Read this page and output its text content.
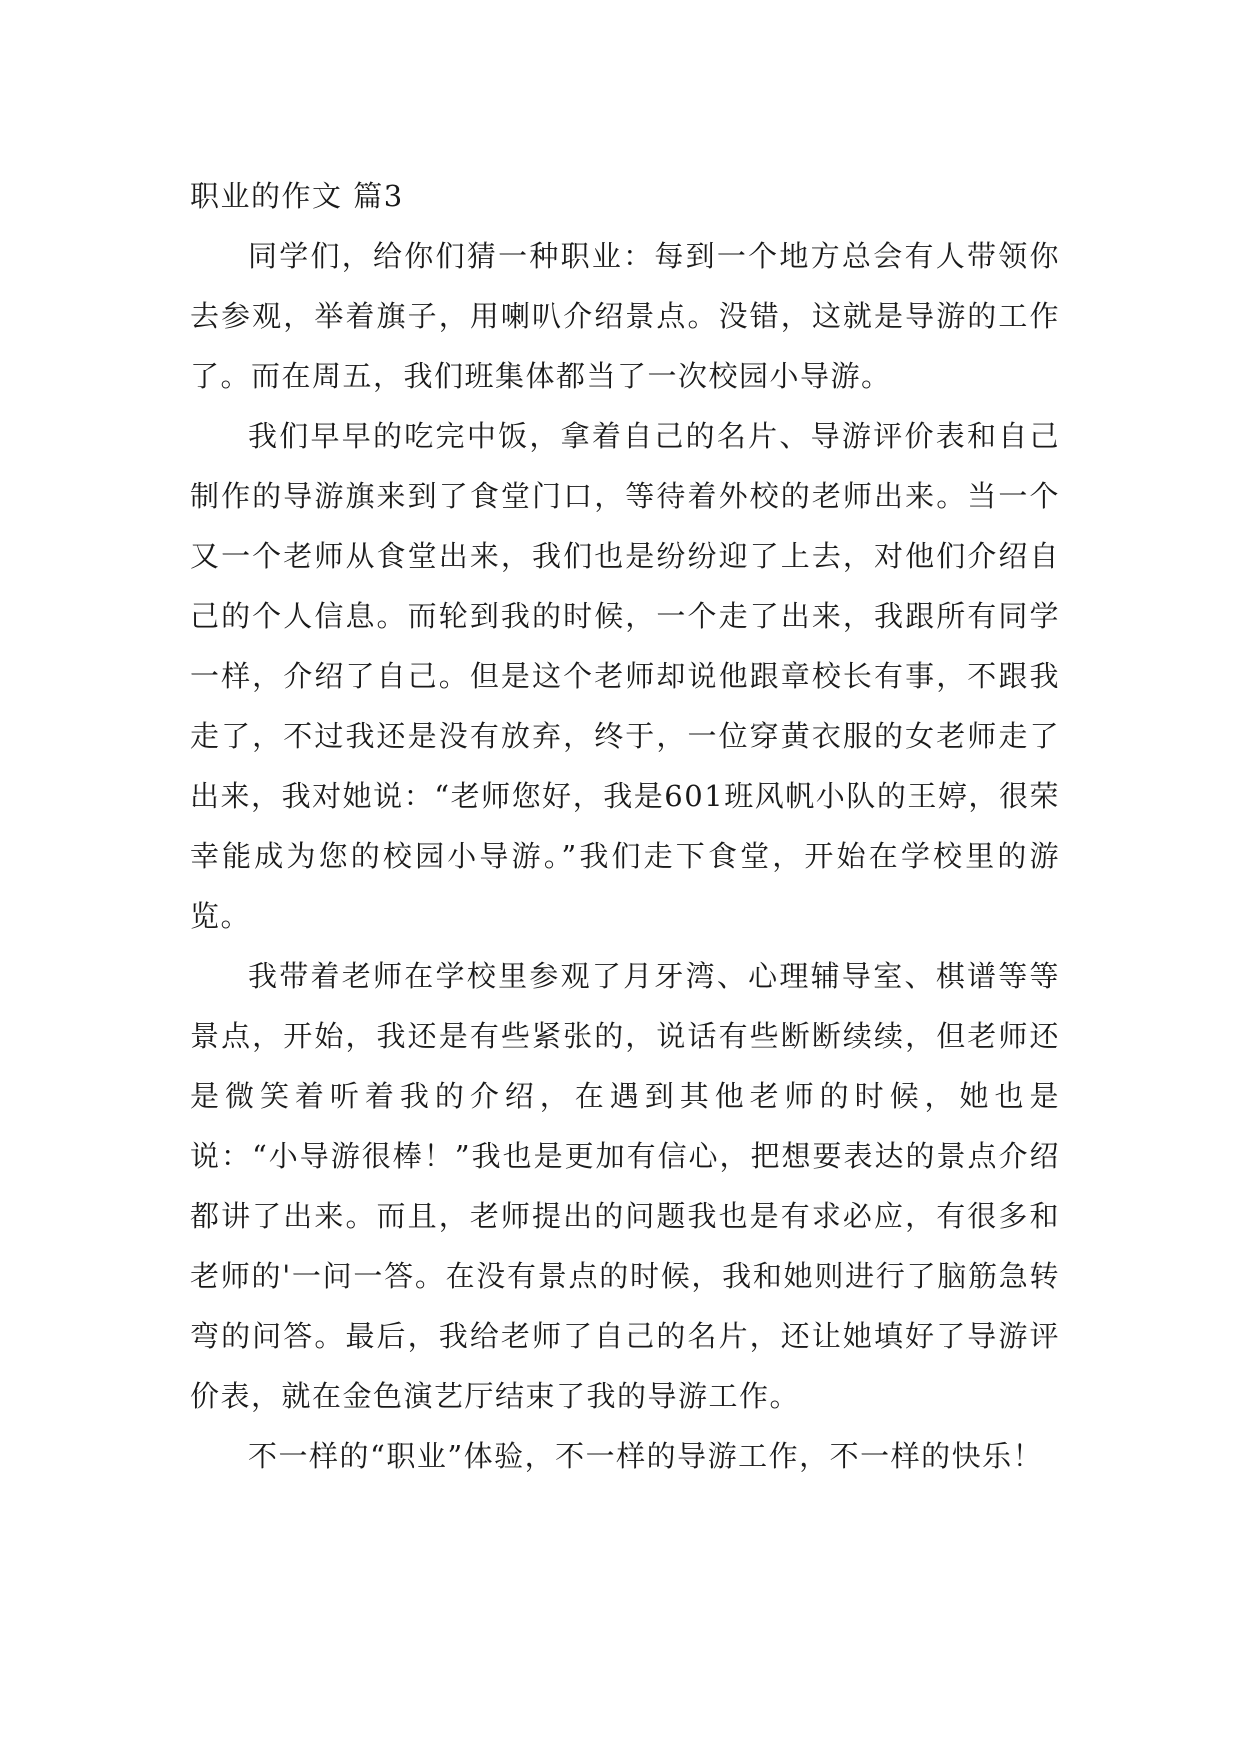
职业的作文 篇3

同学们，给你们猜一种职业：每到一个地方总会有人带领你去参观，举着旗子，用喇叭介绍景点。没错，这就是导游的工作了。而在周五，我们班集体都当了一次校园小导游。

我们早早的吃完中饭，拿着自己的名片、导游评价表和自己制作的导游旗来到了食堂门口，等待着外校的老师出来。当一个又一个老师从食堂出来，我们也是纷纷迎了上去，对他们介绍自己的个人信息。而轮到我的时候，一个走了出来，我跟所有同学一样，介绍了自己。但是这个老师却说他跟章校长有事，不跟我走了，不过我还是没有放弃，终于，一位穿黄衣服的女老师走了出来，我对她说：“老师您好，我是601班风帆小队的王婷，很荣幸能成为您的校园小导游。”我们走下食堂，开始在学校里的游览。

我带着老师在学校里参观了月牙湾、心理辅导室、棋谱等等景点，开始，我还是有些紧张的，说话有些断断续续，但老师还是微笑着听着我的介绍，在遇到其他老师的时候，她也是说：“小导游很棒！”我也是更加有信心，把想要表达的景点介绍都讲了出来。而且，老师提出的问题我也是有求必应，有很多和老师的'一问一答。在没有景点的时候，我和她则进行了脑筋急转弯的问答。最后，我给老师了自己的名片，还让她填好了导游评价表，就在金色演艺厅结束了我的导游工作。

不一样的“职业”体验，不一样的导游工作，不一样的快乐！
